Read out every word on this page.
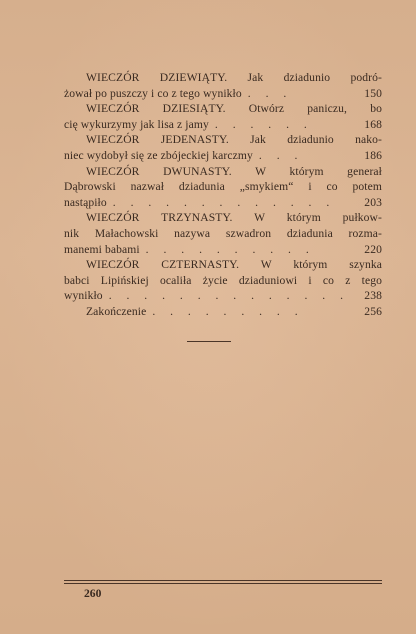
WIECZÓR DZIEWIĄTY. Jak dziadunio podró-
żował po puszczy i co z tego wynikło . . .	150
WIECZÓR DZIESIĄTY. Otwórz paniczu, bo
cię wykurzymy jak lisa z jamy . . . . . .	168
WIECZÓR JEDENASTY. Jak dziadunio nako-
niec wydobył się ze zbójeckiej karczmy . . .	186
WIECZÓR DWUNASTY. W którym generał
Dąbrowski nazwał dziadunia „smykiem“ i co potem
nastąpiło . . . . . . . . . . . . .	203
WIECZÓR TRZYNASTY. W którym pułkow-
nik Małachowski nazywa szwadron dziadunia rozma-
manemi babami . . . . . . . . . .	220
WIECZÓR CZTERNASTY. W którym szynka
babci Lipińskiej ocaliła życie dziaduniowi i co z tego
wynikło . . . . . . . . . . . . . .	238
Zakończenie . . . . . . . . .	256
260
